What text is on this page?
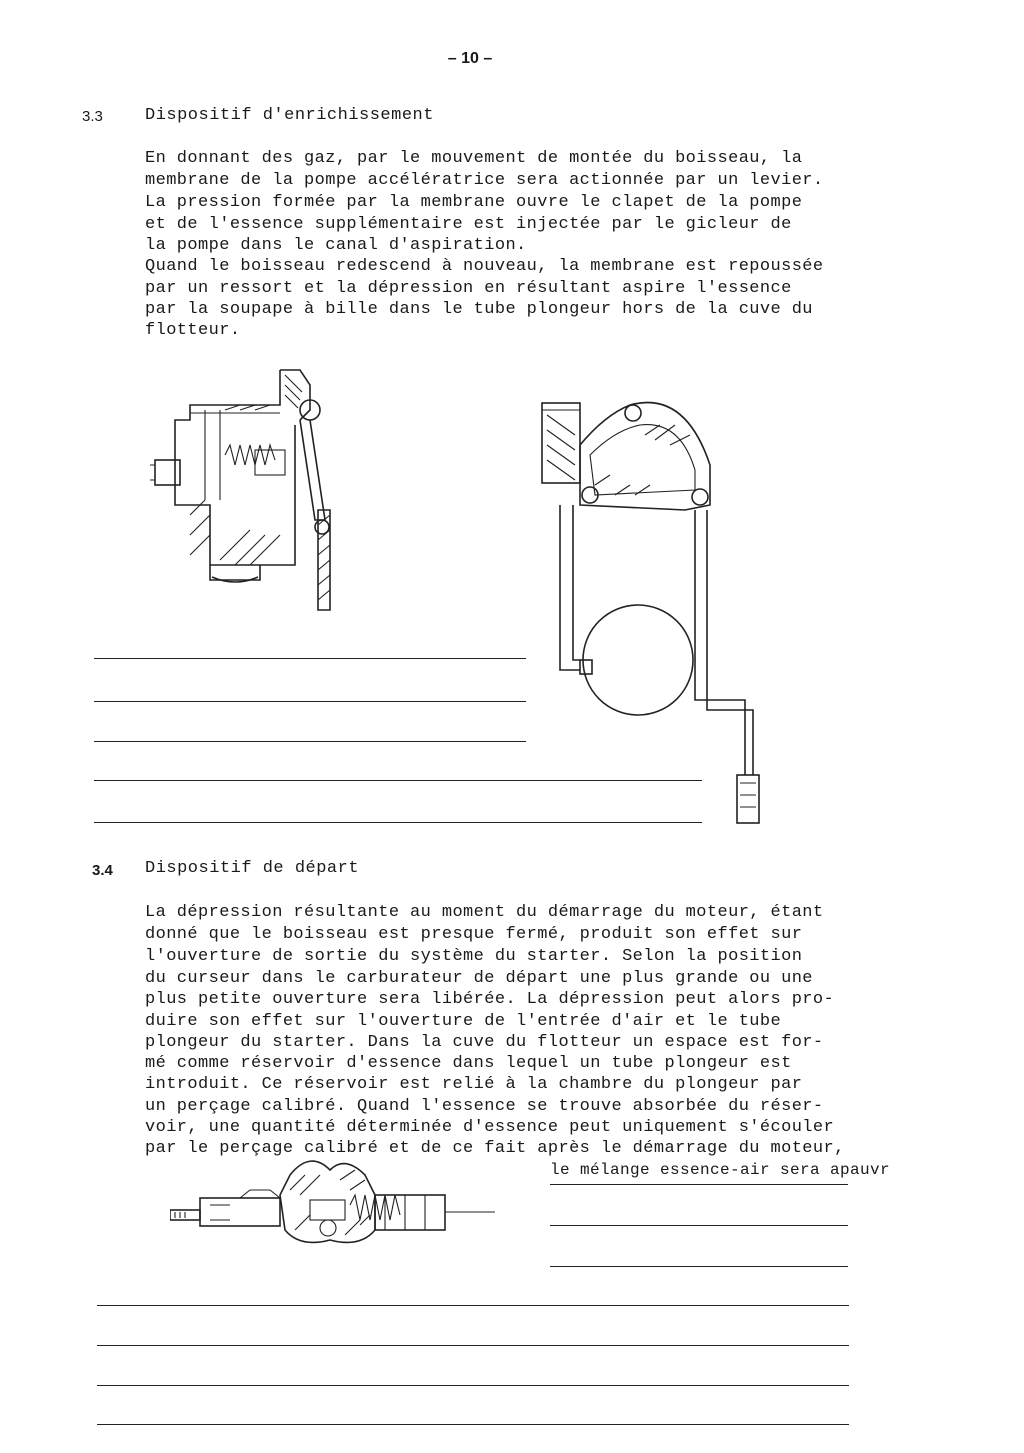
– 10 –
3.3 Dispositif d'enrichissement
En donnant des gaz, par le mouvement de montée du boisseau, la
membrane de la pompe accélératrice sera actionnée par un levier.
La pression formée par la membrane ouvre le clapet de la pompe
et de l'essence supplémentaire est injectée par le gicleur de
la pompe dans le canal d'aspiration.
Quand le boisseau redescend à nouveau, la membrane est repoussée
par un ressort et la dépression en résultant aspire l'essence
par la soupape à bille dans le tube plongeur hors de la cuve du
flotteur.
3.4 Dispositif de départ
La dépression résultante au moment du démarrage du moteur, étant
donné que le boisseau est presque fermé, produit son effet sur
l'ouverture de sortie du système du starter. Selon la position
du curseur dans le carburateur de départ une plus grande ou une
plus petite ouverture sera libérée. La dépression peut alors pro-
duire son effet sur l'ouverture de l'entrée d'air et le tube
plongeur du starter. Dans la cuve du flotteur un espace est for-
mé comme réservoir d'essence dans lequel un tube plongeur est
introduit. Ce réservoir est relié à la chambre du plongeur par
un perçage calibré. Quand l'essence se trouve absorbée du réser-
voir, une quantité déterminée d'essence peut uniquement s'écouler
par le perçage calibré et de ce fait après le démarrage du moteur,
le mélange essence-air sera apauvr
